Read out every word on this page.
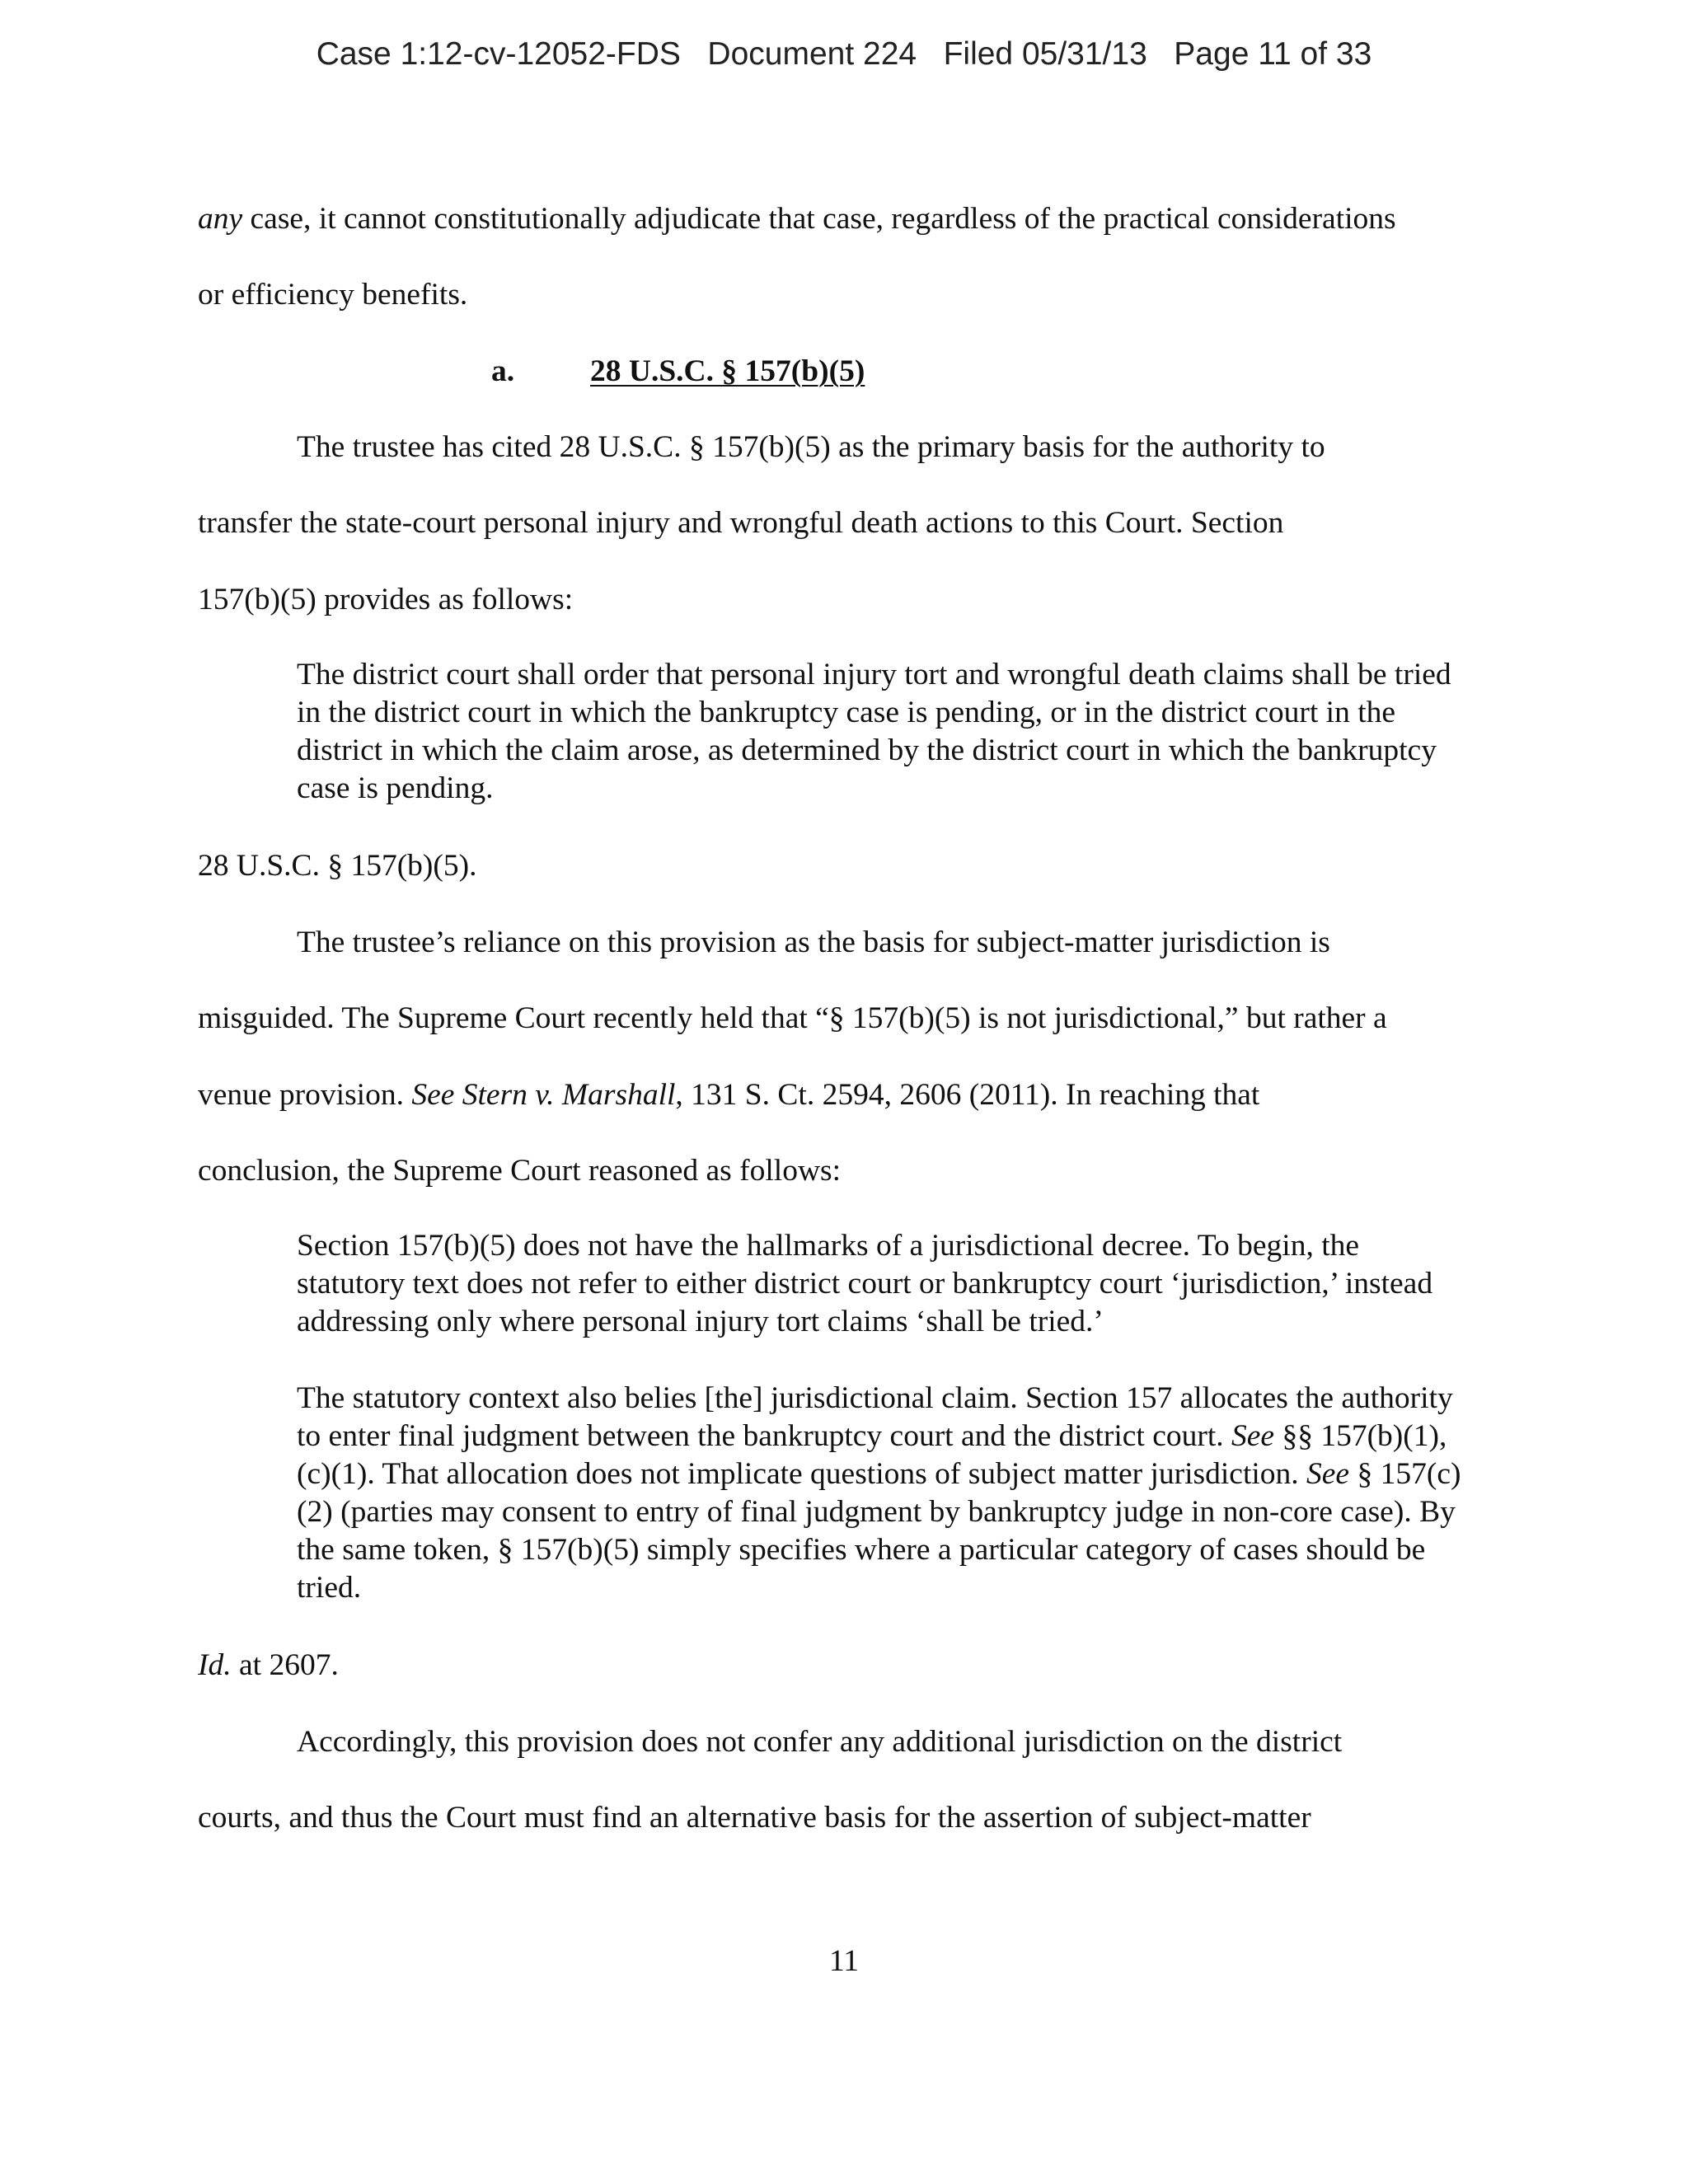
Case 1:12-cv-12052-FDS Document 224 Filed 05/31/13 Page 11 of 33
any case, it cannot constitutionally adjudicate that case, regardless of the practical considerations
or efficiency benefits.
a. 28 U.S.C. § 157(b)(5)
The trustee has cited 28 U.S.C. § 157(b)(5) as the primary basis for the authority to
transfer the state-court personal injury and wrongful death actions to this Court. Section
157(b)(5) provides as follows:
The district court shall order that personal injury tort and wrongful death claims shall be tried in the district court in which the bankruptcy case is pending, or in the district court in the district in which the claim arose, as determined by the district court in which the bankruptcy case is pending.
28 U.S.C. § 157(b)(5).
The trustee’s reliance on this provision as the basis for subject-matter jurisdiction is
misguided. The Supreme Court recently held that “§ 157(b)(5) is not jurisdictional,” but rather a
venue provision. See Stern v. Marshall, 131 S. Ct. 2594, 2606 (2011). In reaching that
conclusion, the Supreme Court reasoned as follows:
Section 157(b)(5) does not have the hallmarks of a jurisdictional decree. To begin, the statutory text does not refer to either district court or bankruptcy court ‘jurisdiction,’ instead addressing only where personal injury tort claims ‘shall be tried.’
The statutory context also belies [the] jurisdictional claim. Section 157 allocates the authority to enter final judgment between the bankruptcy court and the district court. See §§ 157(b)(1), (c)(1). That allocation does not implicate questions of subject matter jurisdiction. See § 157(c)(2) (parties may consent to entry of final judgment by bankruptcy judge in non-core case). By the same token, § 157(b)(5) simply specifies where a particular category of cases should be tried.
Id. at 2607.
Accordingly, this provision does not confer any additional jurisdiction on the district
courts, and thus the Court must find an alternative basis for the assertion of subject-matter
11
